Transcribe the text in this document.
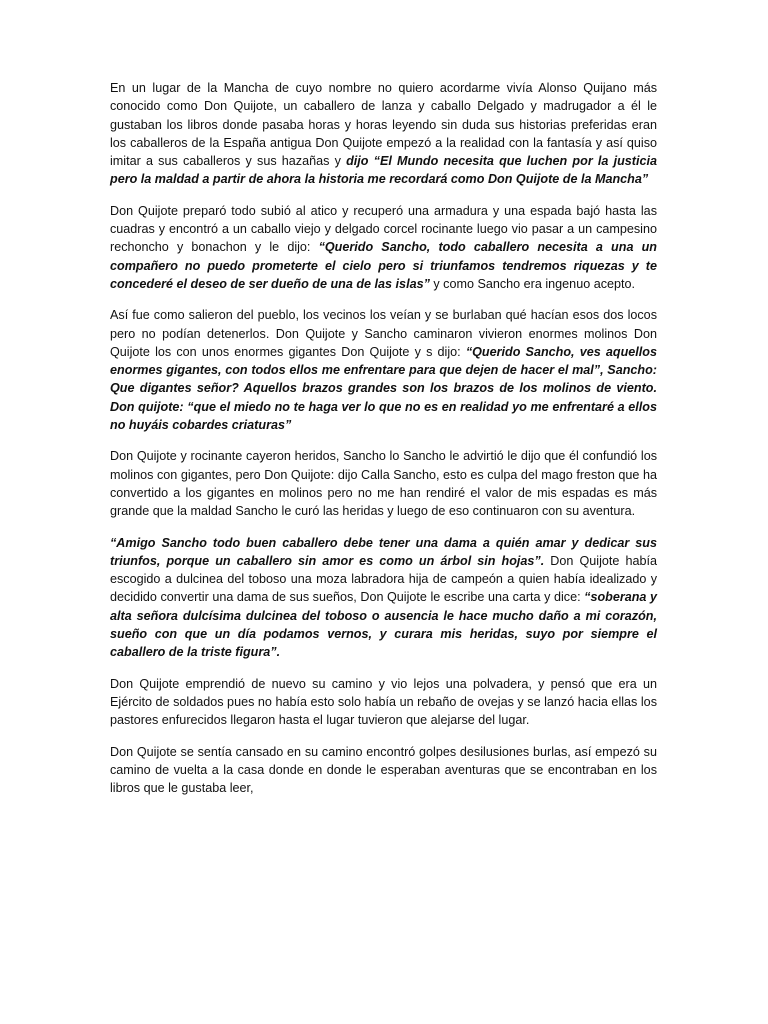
En un lugar de la Mancha de cuyo nombre no quiero acordarme vivía Alonso Quijano más conocido como Don Quijote, un caballero de lanza y caballo Delgado y madrugador a él le gustaban los libros donde pasaba horas y horas leyendo sin duda sus historias preferidas eran los caballeros de la España antigua Don Quijote empezó a la realidad con la fantasía y así quiso imitar a sus caballeros y sus hazañas y dijo “El Mundo necesita que luchen por la justicia pero la maldad a partir de ahora la historia me recordará como Don Quijote de la Mancha”

Don Quijote preparó todo subió al atico y recuperó una armadura y una espada bajó hasta las cuadras y encontró a un caballo viejo y delgado corcel rocinante luego vio pasar a un campesino rechoncho y bonachon y le dijo: “Querido Sancho, todo caballero necesita a una un compañero no puedo prometerte el cielo pero si triunfamos tendremos riquezas y te concederé el deseo de ser dueño de una de las islas” y como Sancho era ingenuo acepto.

Así fue como salieron del pueblo, los vecinos los veían y se burlaban qué hacían esos dos locos pero no podían detenerlos. Don Quijote y Sancho caminaron vivieron enormes molinos Don Quijote los con unos enormes gigantes Don Quijote y s dijo: “Querido Sancho, ves aquellos enormes gigantes, con todos ellos me enfrentare para que dejen de hacer el mal”, Sancho: Que digantes señor? Aquellos brazos grandes son los brazos de los molinos de viento. Don quijote: “que el miedo no te haga ver lo que no es en realidad yo me enfrentaré a ellos no huyáis cobardes criaturas”

Don Quijote y rocinante cayeron heridos, Sancho lo Sancho le advirtió le dijo que él confundió los molinos con gigantes, pero Don Quijote: dijo Calla Sancho, esto es culpa del mago freston que ha convertido a los gigantes en molinos pero no me han rendiré el valor de mis espadas es más grande que la maldad Sancho le curó las heridas y luego de eso continuaron con su aventura.

“Amigo Sancho todo buen caballero debe tener una dama a quién amar y dedicar sus triunfos, porque un caballero sin amor es como un árbol sin hojas”. Don Quijote había escogido a dulcinea del toboso una moza labradora hija de campeón a quien había idealizado y decidido convertir una dama de sus sueños, Don Quijote le escribe una carta y dice: “soberana y alta señora dulcísima dulcinea del toboso o ausencia le hace mucho daño a mi corazón, sueño con que un día podamos vernos, y curara mis heridas, suyo por siempre el caballero de la triste figura”.

Don Quijote emprendió de nuevo su camino y vio lejos una polvadera, y pensó que era un Ejército de soldados pues no había esto solo había un rebaño de ovejas y se lanzó hacia ellas los pastores enfurecidos llegaron hasta el lugar tuvieron que alejarse del lugar.

Don Quijote se sentía cansado en su camino encontró golpes desilusiones burlas, así empezó su camino de vuelta a la casa donde en donde le esperaban aventuras que se encontraban en los libros que le gustaba leer,
